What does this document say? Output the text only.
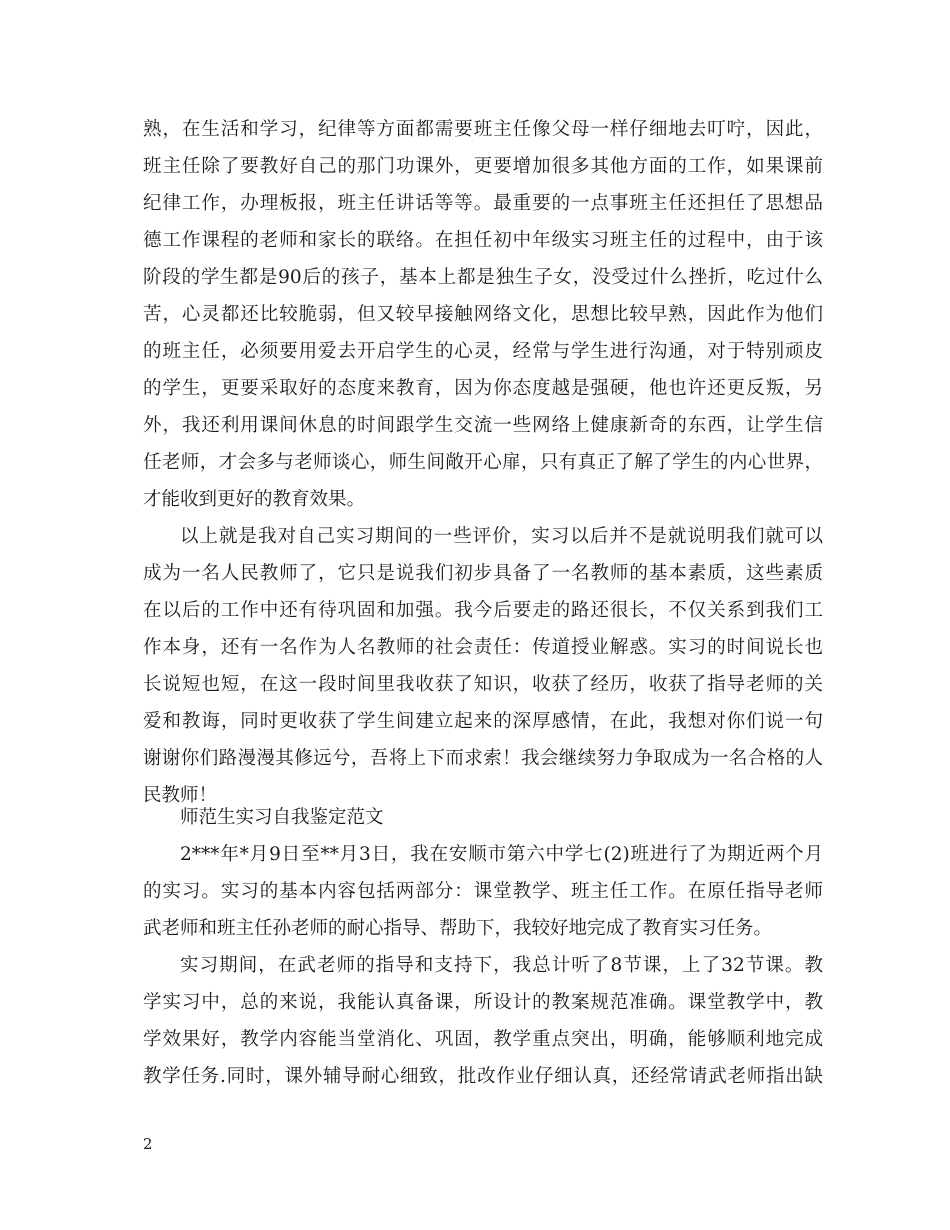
熟，在生活和学习，纪律等方面都需要班主任像父母一样仔细地去叮咛，因此，
班主任除了要教好自己的那门功课外，更要增加很多其他方面的工作，如果课前
纪律工作，办理板报，班主任讲话等等。最重要的一点事班主任还担任了思想品
德工作课程的老师和家长的联络。在担任初中年级实习班主任的过程中，由于该
阶段的学生都是90后的孩子，基本上都是独生子女，没受过什么挫折，吃过什么
苦，心灵都还比较脆弱，但又较早接触网络文化，思想比较早熟，因此作为他们
的班主任，必须要用爱去开启学生的心灵，经常与学生进行沟通，对于特别顽皮
的学生，更要采取好的态度来教育，因为你态度越是强硬，他也许还更反叛，另
外，我还利用课间休息的时间跟学生交流一些网络上健康新奇的东西，让学生信
任老师，才会多与老师谈心，师生间敞开心扉，只有真正了解了学生的内心世界，
才能收到更好的教育效果。
以上就是我对自己实习期间的一些评价，实习以后并不是就说明我们就可以
成为一名人民教师了，它只是说我们初步具备了一名教师的基本素质，这些素质
在以后的工作中还有待巩固和加强。我今后要走的路还很长，不仅关系到我们工
作本身，还有一名作为人名教师的社会责任：传道授业解惑。实习的时间说长也
长说短也短，在这一段时间里我收获了知识，收获了经历，收获了指导老师的关
爱和教诲，同时更收获了学生间建立起来的深厚感情，在此，我想对你们说一句
谢谢你们路漫漫其修远兮，吾将上下而求索！我会继续努力争取成为一名合格的人
民教师！
师范生实习自我鉴定范文
2***年*月9日至**月3日，我在安顺市第六中学七(2)班进行了为期近两个月
的实习。实习的基本内容包括两部分：课堂教学、班主任工作。在原任指导老师
武老师和班主任孙老师的耐心指导、帮助下，我较好地完成了教育实习任务。
实习期间，在武老师的指导和支持下，我总计听了8节课，上了32节课。教
学实习中，总的来说，我能认真备课，所设计的教案规范准确。课堂教学中，教
学效果好，教学内容能当堂消化、巩固，教学重点突出，明确，能够顺利地完成
教学任务.同时，课外辅导耐心细致，批改作业仔细认真，还经常请武老师指出缺
2
